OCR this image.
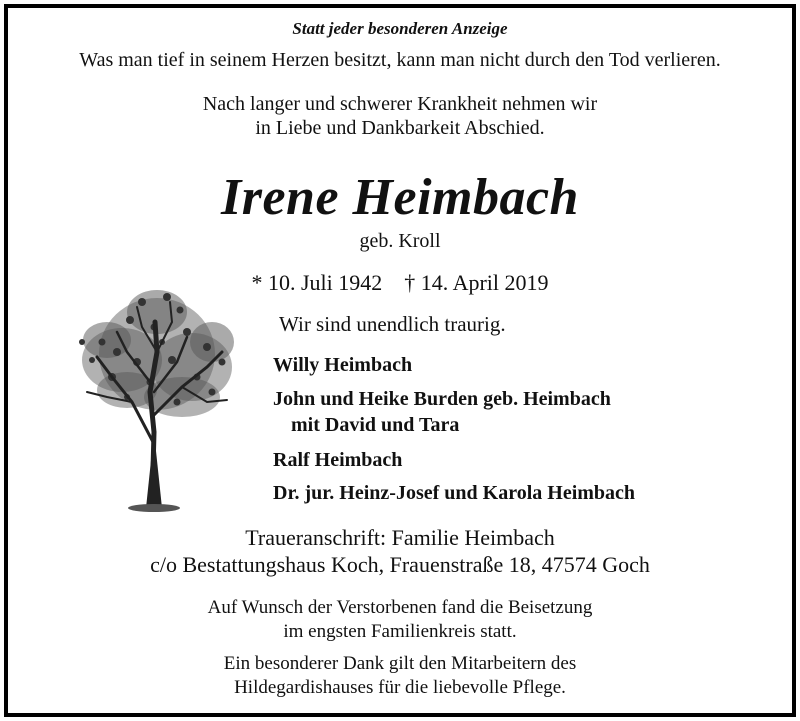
Statt jeder besonderen Anzeige
Was man tief in seinem Herzen besitzt, kann man nicht durch den Tod verlieren.
Nach langer und schwerer Krankheit nehmen wir
in Liebe und Dankbarkeit Abschied.
Irene Heimbach
geb. Kroll
* 10. Juli 1942 † 14. April 2019
Wir sind unendlich traurig.
Willy Heimbach
John und Heike Burden geb. Heimbach
mit David und Tara
Ralf Heimbach
Dr. jur. Heinz-Josef und Karola Heimbach
Traueranschrift: Familie Heimbach
c/o Bestattungshaus Koch, Frauenstraße 18, 47574 Goch
Auf Wunsch der Verstorbenen fand die Beisetzung
im engsten Familienkreis statt.
Ein besonderer Dank gilt den Mitarbeitern des
Hildegardishauses für die liebevolle Pflege.
